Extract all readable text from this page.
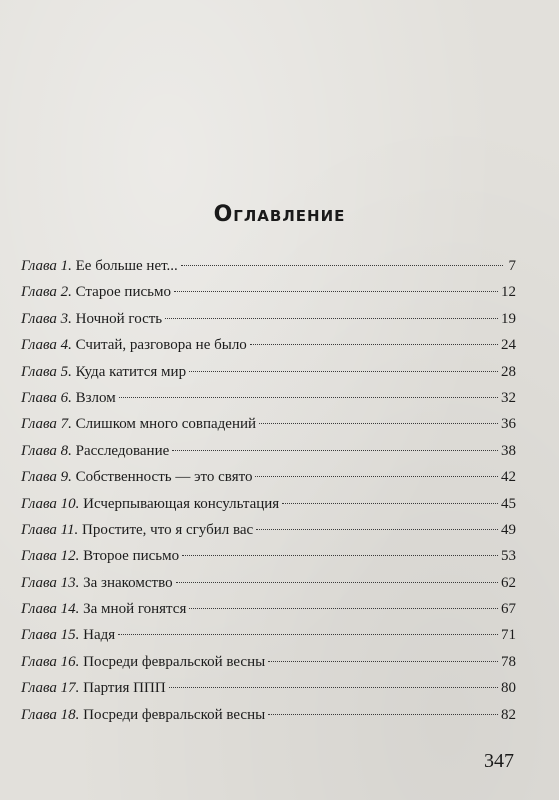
Оглавление
Глава 1.
Ее больше нет...	7
Глава 2.
Старое письмо	12
Глава 3.
Ночной гость	19
Глава 4.
Считай, разговора не было	24
Глава 5.
Куда катится мир	28
Глава 6.
Взлом	32
Глава 7.
Слишком много совпадений	36
Глава 8.
Расследование	38
Глава 9.
Собственность — это свято	42
Глава 10.
Исчерпывающая консультация	45
Глава 11.
Простите, что я сгубил вас	49
Глава 12.
Второе письмо	53
Глава 13.
За знакомство	62
Глава 14.
За мной гонятся	67
Глава 15.
Надя	71
Глава 16.
Посреди февральской весны	78
Глава 17.
Партия ППП	80
Глава 18.
Посреди февральской весны	82
347
